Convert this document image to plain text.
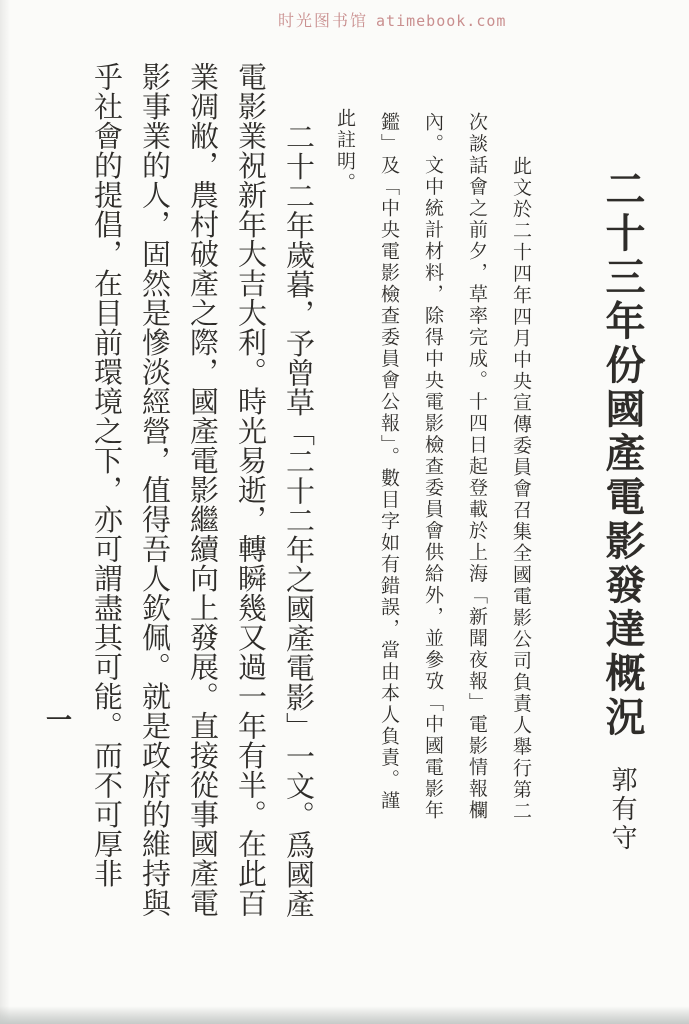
时光图书馆 atimebook.com
二十三年份國產電影發達概況郭有守
此文於二十四年四月中央宣傳委員會召集全國電影公司負責人舉行第二
次談話會之前夕，草率完成。十四日起登載於上海「新聞夜報」電影情報欄
內。文中統計材料，除得中央電影檢查委員會供給外，並參攷「中國電影年
鑑」及「中央電影檢查委員會公報」。數目字如有錯誤，當由本人負責。謹
此註明。
二十二年歲暮，予曾草「二十二年之國產電影」一文。爲國產
電影業祝新年大吉大利。時光易逝，轉瞬幾又過一年有半。在此百
業凋敝，農村破產之際，國產電影繼續向上發展。直接從事國產電
影事業的人，固然是慘淡經營，值得吾人欽佩。就是政府的維持與
乎社會的提倡，在目前環境之下，亦可謂盡其可能。而不可厚非
一
